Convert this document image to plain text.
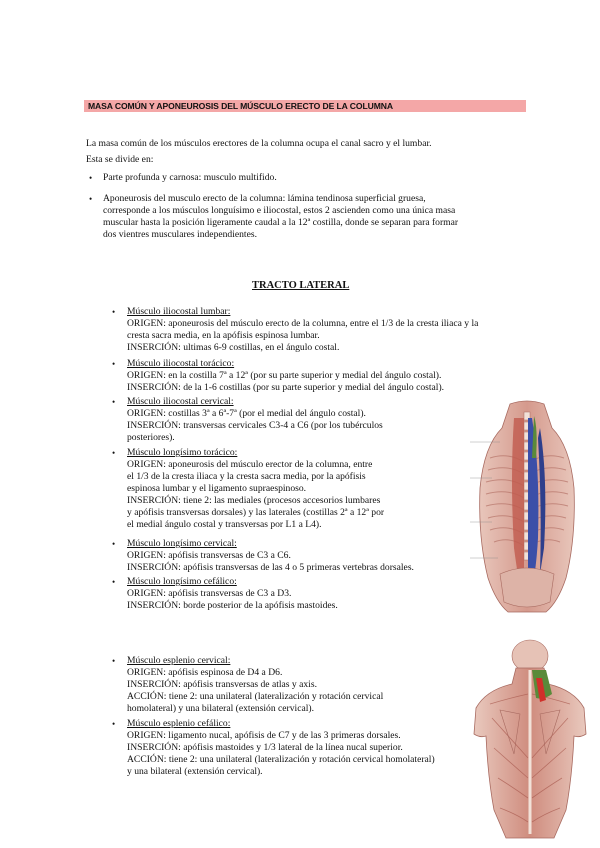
MASA COMÚN Y APONEUROSIS DEL MÚSCULO ERECTO DE LA COLUMNA
La masa común de los músculos erectores de la columna ocupa el canal sacro y el lumbar.
Esta se divide en:
• Parte profunda y carnosa: musculo multifido.
• Aponeurosis del musculo erecto de la columna: lámina tendinosa superficial gruesa,
corresponde a los músculos longuísimo e iliocostal, estos 2 ascienden como una única masa
muscular hasta la posición ligeramente caudal a la 12ª costilla, donde se separan para formar
dos vientres musculares independientes.
TRACTO LATERAL
• Músculo iliocostal lumbar:
ORIGEN: aponeurosis del músculo erecto de la columna, entre el 1/3 de la cresta iliaca y la
cresta sacra media, en la apófisis espinosa lumbar.
INSERCIÓN: ultimas 6-9 costillas, en el ángulo costal.
• Músculo iliocostal torácico:
ORIGEN: en la costilla 7ª a 12ª (por su parte superior y medial del ángulo costal).
INSERCIÓN: de la 1-6 costillas (por su parte superior y medial del ángulo costal).
• Músculo iliocostal cervical:
ORIGEN: costillas 3ª a 6ª-7ª (por el medial del ángulo costal).
INSERCIÓN: transversas cervicales C3-4 a C6 (por los tubérculos
posteriores).
• Músculo longísimo torácico:
ORIGEN: aponeurosis del músculo erector de la columna, entre
el 1/3 de la cresta iliaca y la cresta sacra media, por la apófisis
espinosa lumbar y el ligamento supraespinoso.
INSERCIÓN: tiene 2: las mediales (procesos accesorios lumbares
y apófisis transversas dorsales) y las laterales (costillas 2ª a 12ª por
el medial ángulo costal y transversas por L1 a L4).
• Músculo longísimo cervical:
ORIGEN: apófisis transversas de C3 a C6.
INSERCIÓN: apófisis transversas de las 4 o 5 primeras vertebras dorsales.
• Músculo longísimo cefálico:
ORIGEN: apófisis transversas de C3 a D3.
INSERCIÓN: borde posterior de la apófisis mastoides.
• Músculo esplenio cervical:
ORIGEN: apófisis espinosa de D4 a D6.
INSERCIÓN: apófisis transversas de atlas y axis.
ACCIÓN: tiene 2: una unilateral (lateralización y rotación cervical
homolateral) y una bilateral (extensión cervical).
• Músculo esplenio cefálico:
ORIGEN: ligamento nucal, apófisis de C7 y de las 3 primeras dorsales.
INSERCIÓN: apófisis mastoides y 1/3 lateral de la línea nucal superior.
ACCIÓN: tiene 2: una unilateral (lateralización y rotación cervical homolateral)
y una bilateral (extensión cervical).
